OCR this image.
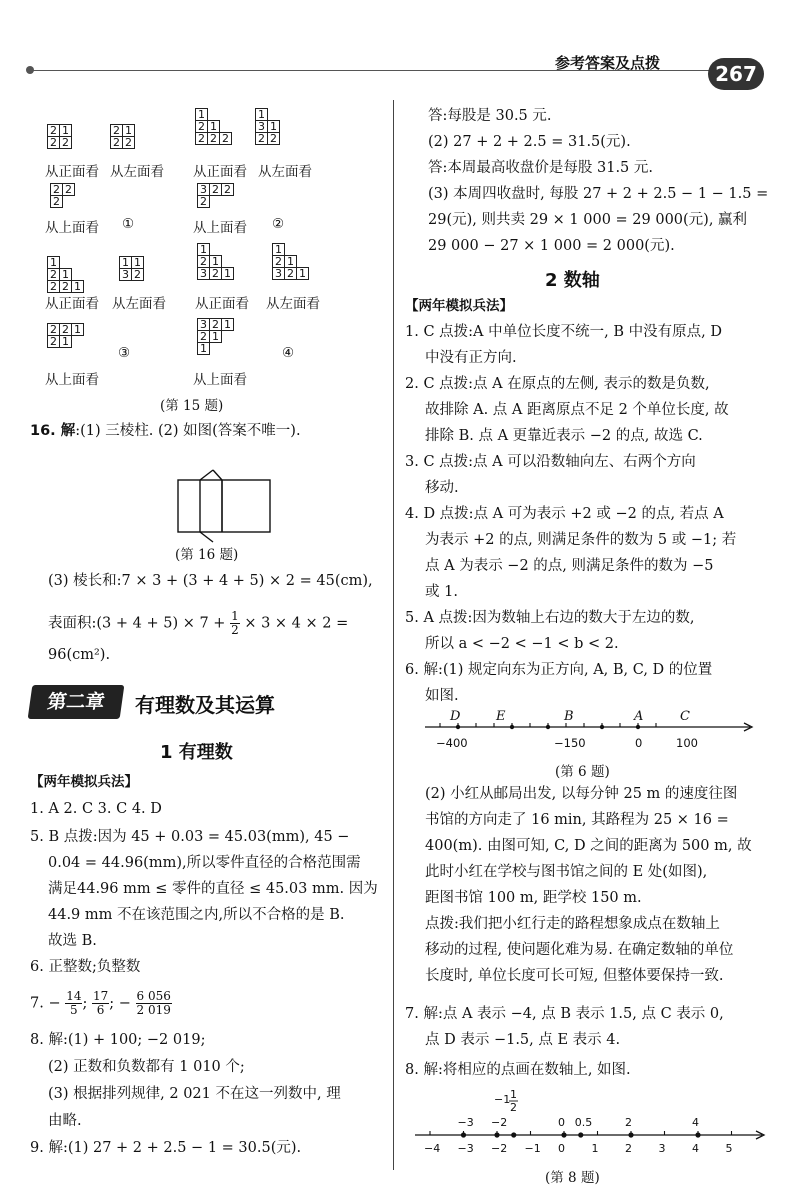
参考答案及点拨	267
2	1
2	2
2	1
2	2
1		
2	1	
2	2	2
1	
3	1
2	2
从正面看 从左面看 从正面看 从左面看
2	2
2	
3	2	2
2		
从上面看 ①	从上面看 ②
1		
2	1	
2	2	1
1	1
3	2
1		
2	1	
3	2	1
1		
2	1	
3	2	1
从正面看 从左面看 从正面看 从左面看
2	2	1
2	1	
3	2	1
2	1	
1		
③	④
从上面看	从上面看
(第 15 题)
16. 解:(1) 三棱柱. (2) 如图(答案不唯一).
(第 16 题)
(3) 棱长和:7 × 3 + (3 + 4 + 5) × 2 = 45(cm),
表面积:(3 + $4 + 5) \times 7 + \frac{1}{2} \times 3 \times 4 \times 2$ =
96(cm²).
第二章	有理数及其运算
1 有理数
【两年模拟兵法】
1. A 2. C 3. C 4. D
5. B 点拨:因为 45 + 0.03 = 45.03(mm), 45 −
0.04 = 44.96(mm),所以零件直径的合格范围需
满足44.96 mm ≤ 零件的直径 ≤ 45.03 mm. 因为
44.9 mm 不在该范围之内,所以不合格的是 B.
故选 B.
6. 正整数;负整数
7. − $\frac{14}{5}$ ; $\frac{17}{6}$ ; − $\frac{6 056}{2 019}$
8. 解:(1) + 100; −2 019;
(2) 正数和负数都有 1 010 个;
(3) 根据排列规律, 2 021 不在这一列数中, 理
由略.
9. 解:(1) 27 + 2 + 2.5 − 1 = 30.5(元).
答:每股是 30.5 元.
(2) 27 + 2 + 2.5 = 31.5(元).
答:本周最高收盘价是每股 31.5 元.
(3) 本周四收盘时, 每股 27 + 2 + 2.5 − 1 − 1.5 =
29(元), 则共卖 29 × 1 000 = 29 000(元), 赢利
29 000 − 27 × 1 000 = 2 000(元).
2 数轴
【两年模拟兵法】
1. C 点拨:A 中单位长度不统一, B 中没有原点, D
中没有正方向.
2. C 点拨:点 A 在原点的左侧, 表示的数是负数,
故排除 A. 点 A 距离原点不足 2 个单位长度, 故
排除 B. 点 A 更靠近表示 −2 的点, 故选 C.
3. C 点拨:点 A 可以沿数轴向左、右两个方向
移动.
4. D 点拨:点 A 可为表示 +2 或 −2 的点, 若点 A
为表示 +2 的点, 则满足条件的数为 5 或 −1; 若
点 A 为表示 −2 的点, 则满足条件的数为 −5
或 1.
5. A 点拨:因为数轴上右边的数大于左边的数,
所以 a < −2 < −1 < b < 2.
6. 解:(1) 规定向东为正方向, A, B, C, D 的位置
如图.
D	E	B	A	C
−400	−150	0	100
(第 6 题)
(2) 小红从邮局出发, 以每分钟 25 m 的速度往图
书馆的方向走了 16 min, 其路程为 25 × 16 =
400(m). 由图可知, C, D 之间的距离为 500 m, 故
此时小红在学校与图书馆之间的 E 处(如图),
距图书馆 100 m, 距学校 150 m.
点拨:我们把小红行走的路程想象成点在数轴上
移动的过程, 使问题化难为易. 在确定数轴的单位
长度时, 单位长度可长可短, 但整体要保持一致.
7. 解:点 A 表示 −4, 点 B 表示 1.5, 点 C 表示 0,
点 D 表示 −1.5, 点 E 表示 4.
8. 解:将相应的点画在数轴上, 如图.
−4 −3 −2 −1 0 1 2 3 4 5
−3 −2	0 0.5	2	4
−1 1
2
(第 8 题)
